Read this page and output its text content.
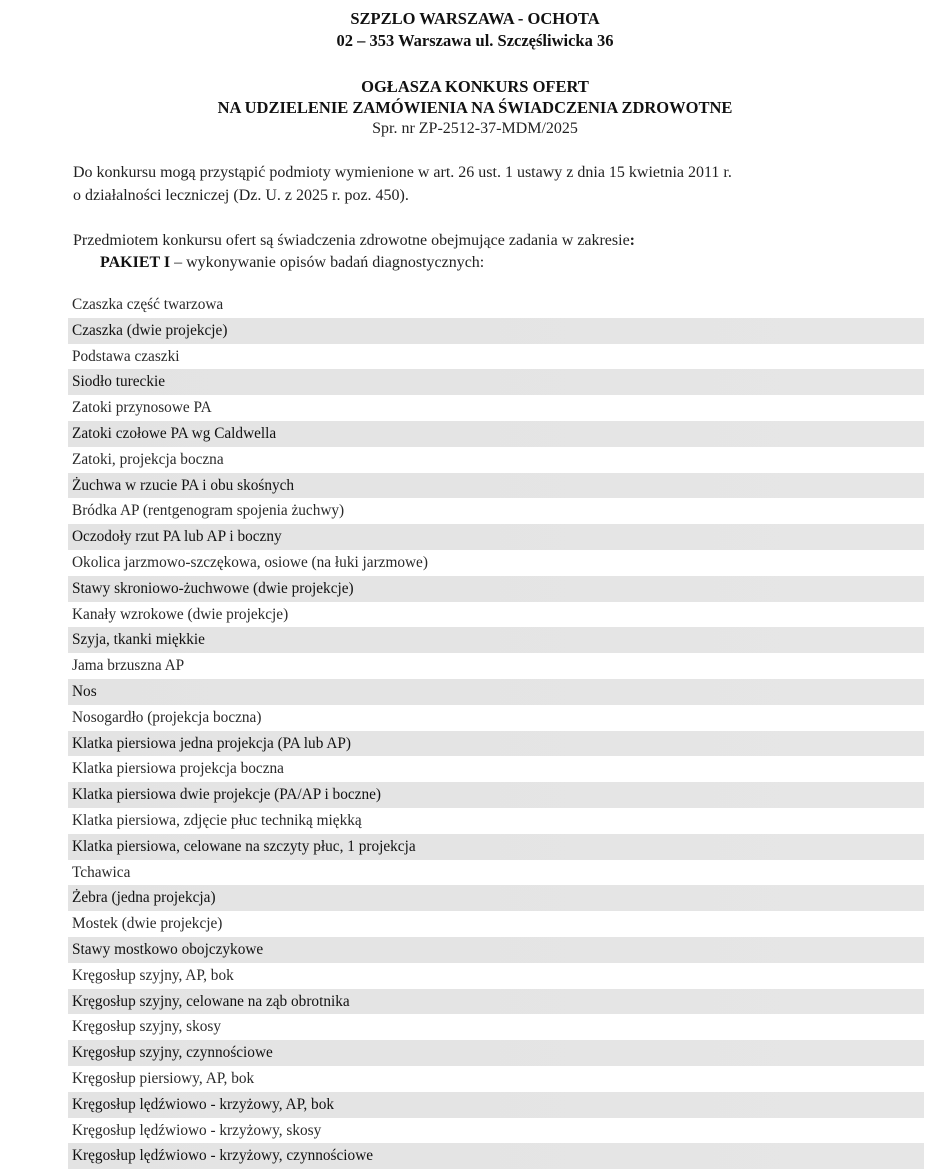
SZPZLO WARSZAWA - OCHOTA
02 – 353 Warszawa ul. Szczęśliwicka 36
OGŁASZA KONKURS OFERT
NA UDZIELENIE ZAMÓWIENIA NA ŚWIADCZENIA ZDROWOTNE
Spr. nr ZP-2512-37-MDM/2025
Do konkursu mogą przystąpić podmioty wymienione w art. 26 ust. 1 ustawy z dnia 15 kwietnia 2011 r.
o działalności leczniczej (Dz. U. z 2025 r. poz. 450).
Przedmiotem konkursu ofert są świadczenia zdrowotne obejmujące zadania w zakresie:
PAKIET I – wykonywanie opisów badań diagnostycznych:
Czaszka część twarzowa
Czaszka (dwie projekcje)
Podstawa czaszki
Siodło tureckie
Zatoki przynosowe PA
Zatoki czołowe PA wg Caldwella
Zatoki, projekcja boczna
Żuchwa w rzucie PA i obu skośnych
Bródka AP (rentgenogram spojenia żuchwy)
Oczodoły rzut PA lub AP i boczny
Okolica jarzmowo-szczękowa, osiowe (na łuki jarzmowe)
Stawy skroniowo-żuchwowe (dwie projekcje)
Kanały wzrokowe (dwie projekcje)
Szyja, tkanki miękkie
Jama brzuszna AP
Nos
Nosogardło (projekcja boczna)
Klatka piersiowa jedna projekcja (PA lub AP)
Klatka piersiowa projekcja boczna
Klatka piersiowa dwie projekcje (PA/AP i boczne)
Klatka piersiowa, zdjęcie płuc techniką miękką
Klatka piersiowa, celowane na szczyty płuc, 1 projekcja
Tchawica
Żebra (jedna projekcja)
Mostek (dwie projekcje)
Stawy mostkowo obojczykowe
Kręgosłup szyjny, AP, bok
Kręgosłup szyjny, celowane na ząb obrotnika
Kręgosłup szyjny, skosy
Kręgosłup szyjny, czynnościowe
Kręgosłup piersiowy, AP, bok
Kręgosłup lędźwiowo - krzyżowy, AP, bok
Kręgosłup lędźwiowo - krzyżowy, skosy
Kręgosłup lędźwiowo - krzyżowy, czynnościowe
